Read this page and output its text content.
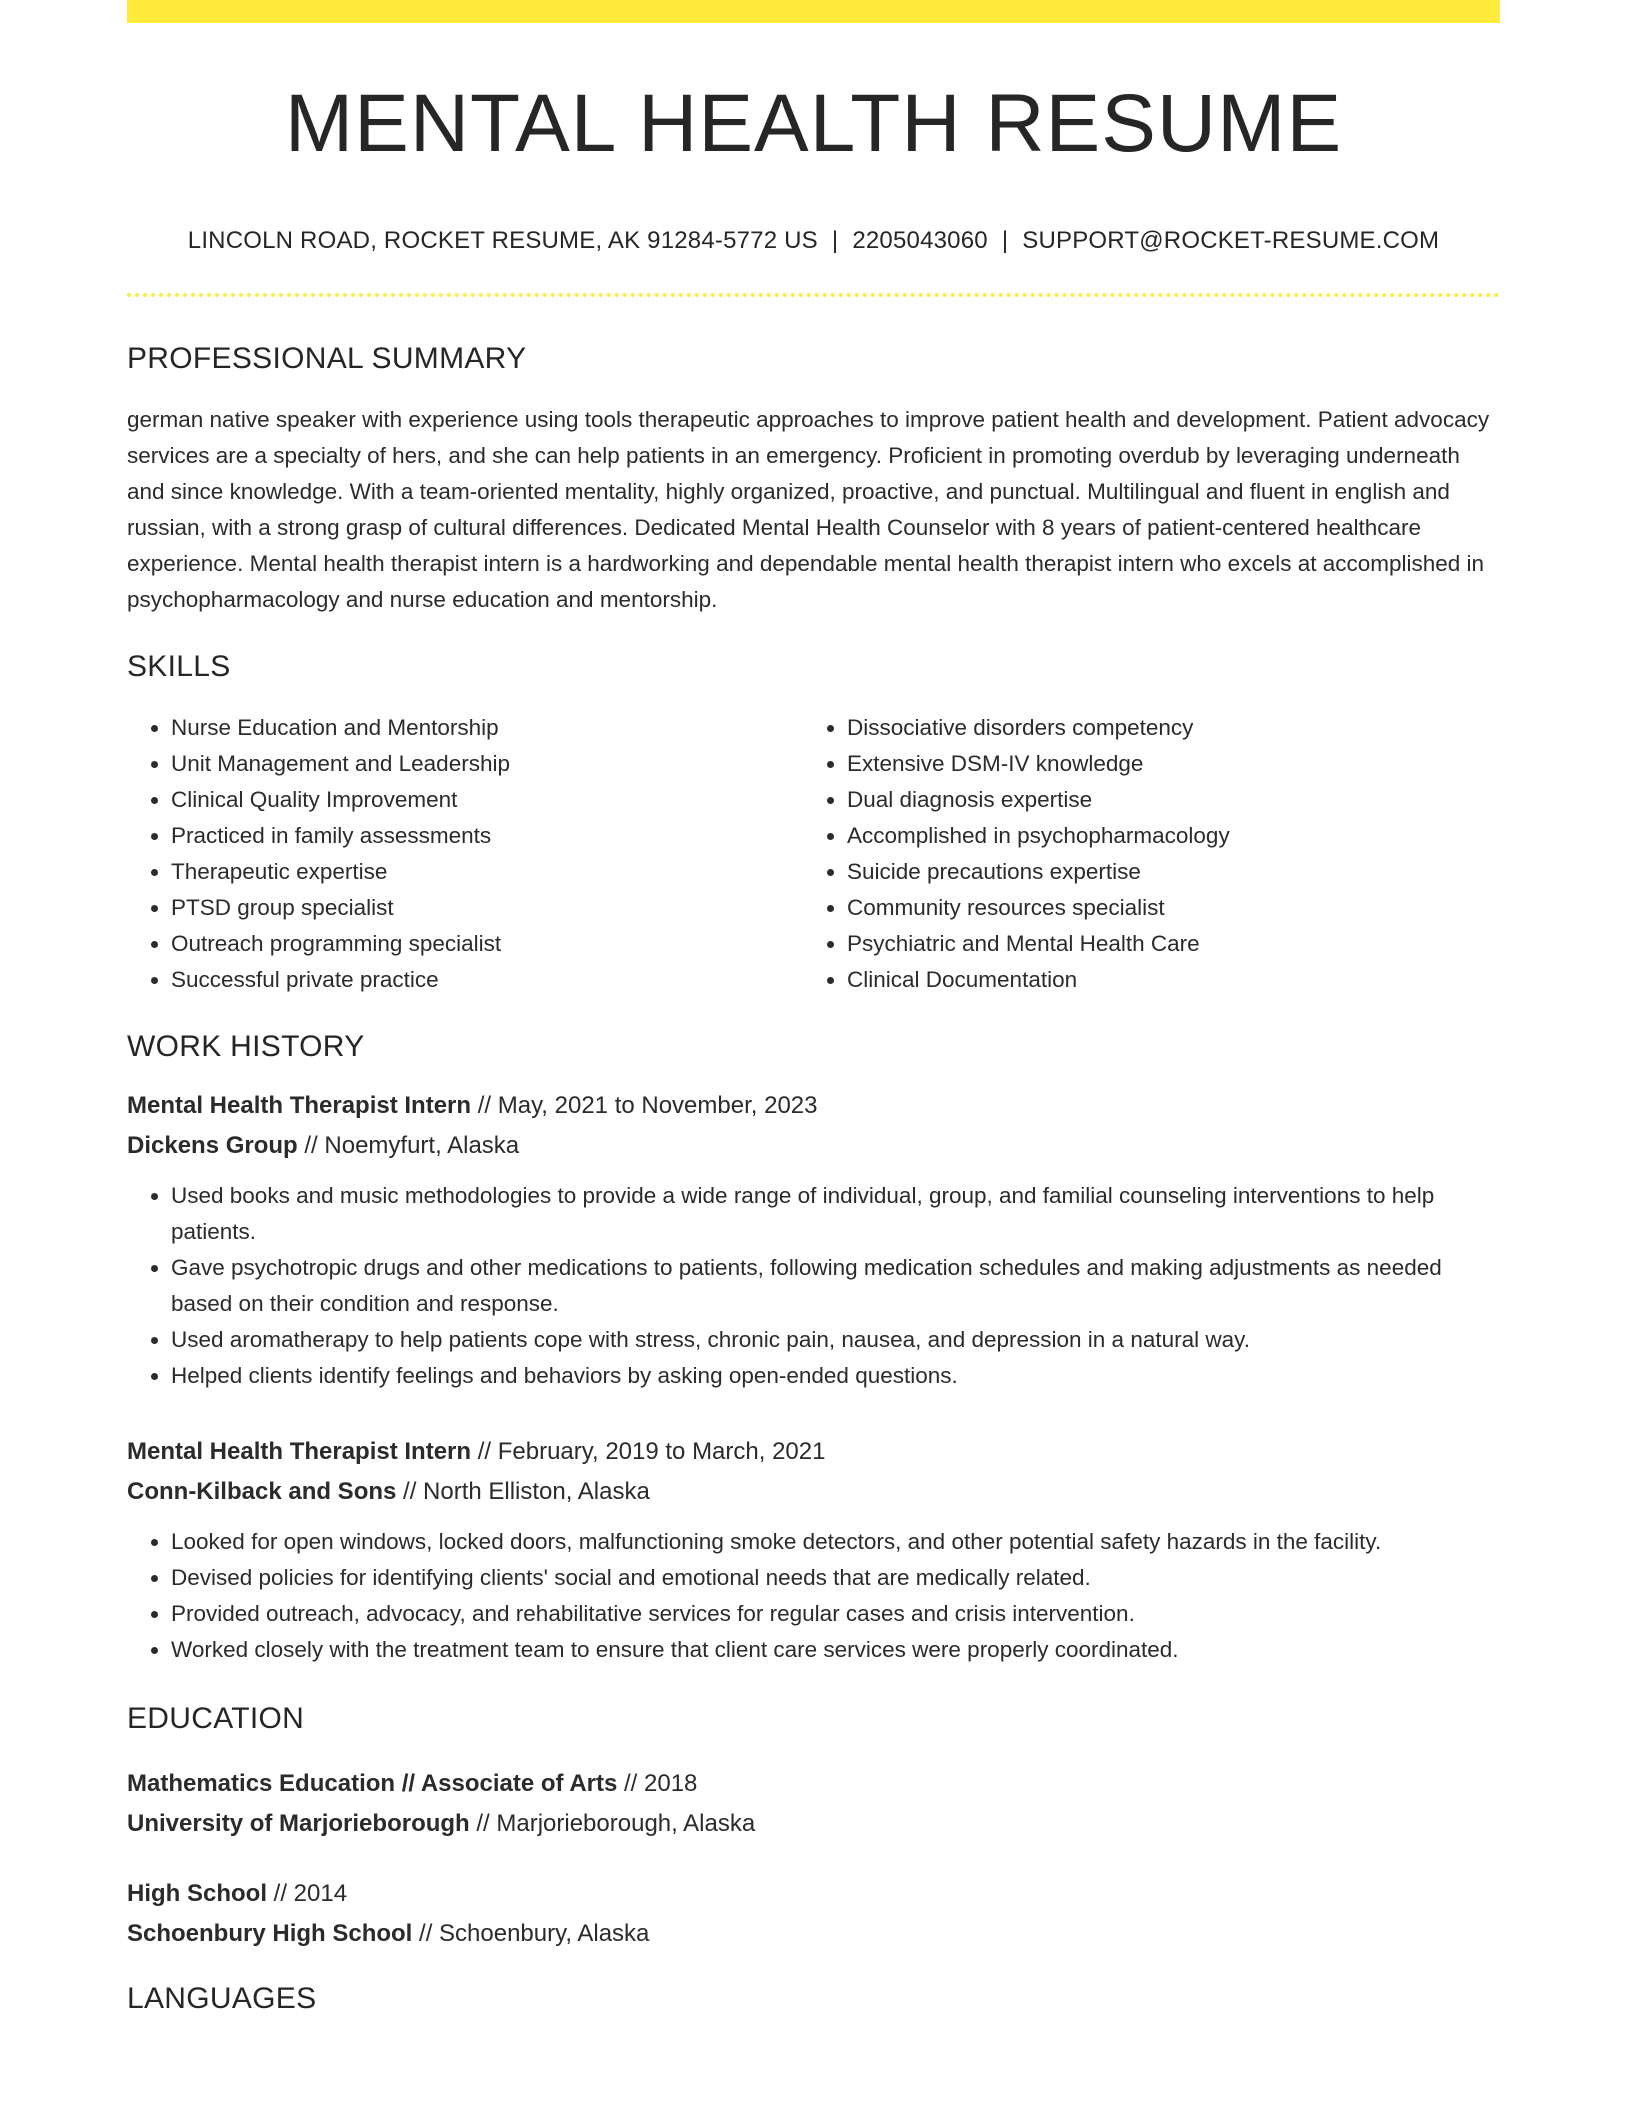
MENTAL HEALTH RESUME
LINCOLN ROAD, ROCKET RESUME, AK 91284-5772 US | 2205043060 | SUPPORT@ROCKET-RESUME.COM
PROFESSIONAL SUMMARY
german native speaker with experience using tools therapeutic approaches to improve patient health and development. Patient advocacy services are a specialty of hers, and she can help patients in an emergency. Proficient in promoting overdub by leveraging underneath and since knowledge. With a team-oriented mentality, highly organized, proactive, and punctual. Multilingual and fluent in english and russian, with a strong grasp of cultural differences. Dedicated Mental Health Counselor with 8 years of patient-centered healthcare experience. Mental health therapist intern is a hardworking and dependable mental health therapist intern who excels at accomplished in psychopharmacology and nurse education and mentorship.
SKILLS
• Nurse Education and Mentorship
• Unit Management and Leadership
• Clinical Quality Improvement
• Practiced in family assessments
• Therapeutic expertise
• PTSD group specialist
• Outreach programming specialist
• Successful private practice
• Dissociative disorders competency
• Extensive DSM-IV knowledge
• Dual diagnosis expertise
• Accomplished in psychopharmacology
• Suicide precautions expertise
• Community resources specialist
• Psychiatric and Mental Health Care
• Clinical Documentation
WORK HISTORY
Mental Health Therapist Intern // May, 2021 to November, 2023
Dickens Group // Noemyfurt, Alaska
• Used books and music methodologies to provide a wide range of individual, group, and familial counseling interventions to help patients.
• Gave psychotropic drugs and other medications to patients, following medication schedules and making adjustments as needed based on their condition and response.
• Used aromatherapy to help patients cope with stress, chronic pain, nausea, and depression in a natural way.
• Helped clients identify feelings and behaviors by asking open-ended questions.
Mental Health Therapist Intern // February, 2019 to March, 2021
Conn-Kilback and Sons // North Elliston, Alaska
• Looked for open windows, locked doors, malfunctioning smoke detectors, and other potential safety hazards in the facility.
• Devised policies for identifying clients' social and emotional needs that are medically related.
• Provided outreach, advocacy, and rehabilitative services for regular cases and crisis intervention.
• Worked closely with the treatment team to ensure that client care services were properly coordinated.
EDUCATION
Mathematics Education // Associate of Arts // 2018
University of Marjorieborough // Marjorieborough, Alaska
High School // 2014
Schoenbury High School // Schoenbury, Alaska
LANGUAGES
